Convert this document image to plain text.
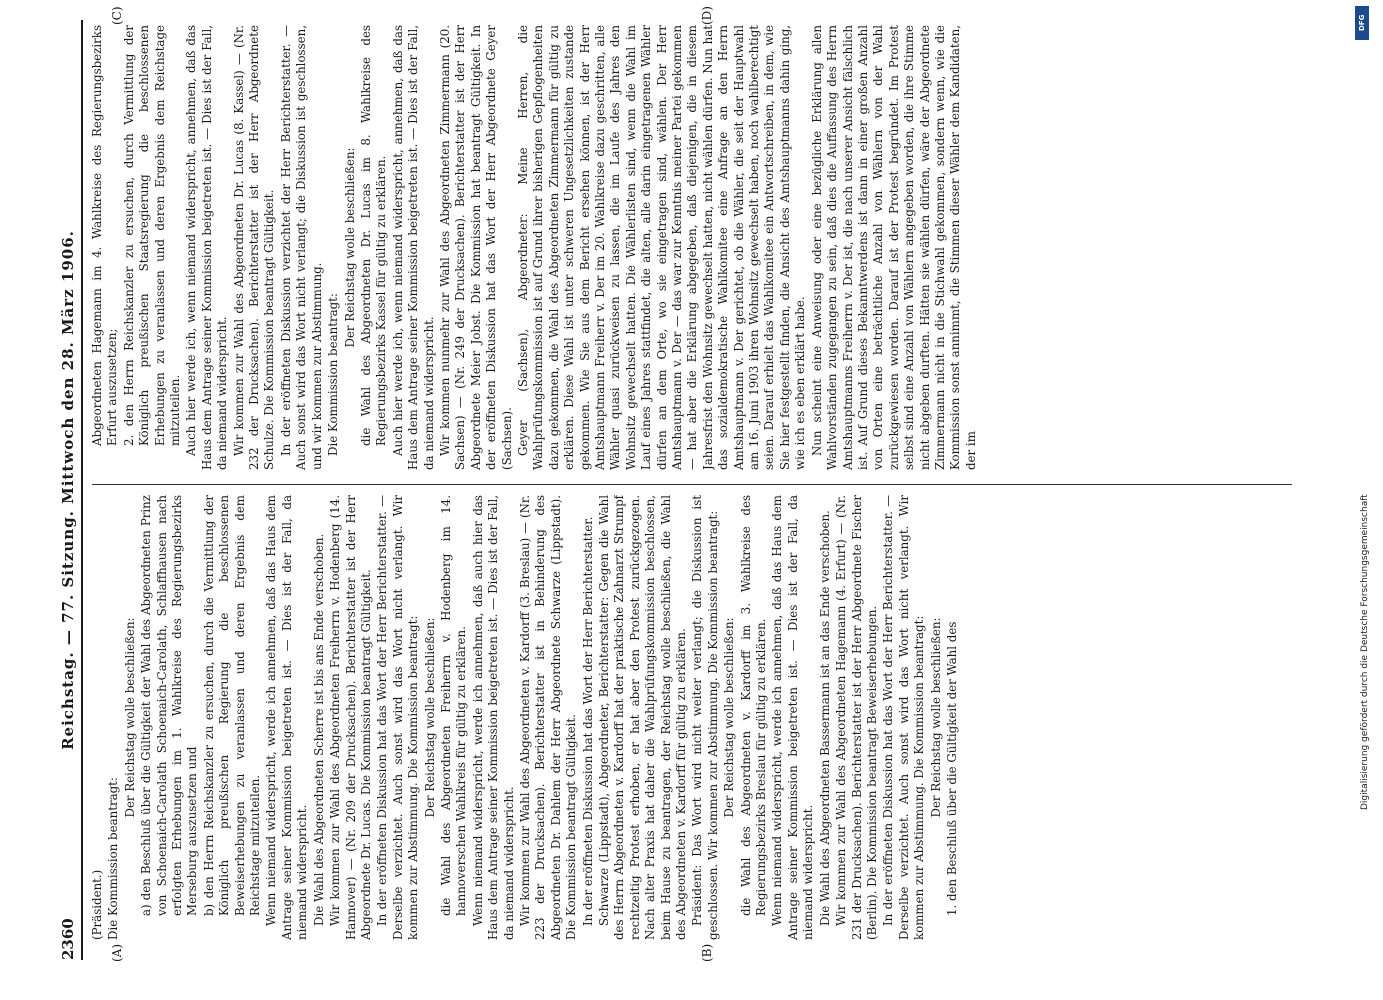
2360
Reichstag. — 77. Sitzung. Mittwoch den 28. März 1906.
(A)	(B)
(C)	(D)

(Präsident.) Die Kommission beantragt:

Der Reichstag wolle beschließen: a) den Beschluß über die Gültigkeit der Wahl des Abgeordneten Prinz von Schoenaich-Carolath Schoenaich-Carolath, Schlaffhausen nach erfolgten Erhebungen im 1. Wahlkreise des Regierungsbezirks Merseburg auszusetzen und b) den Herrn Reichskanzler zu ersuchen, durch die Vermittlung der Königlich preußischen Regierung die beschlossenen Beweiserhebungen zu veranlassen und deren Ergebnis dem Reichstage mitzuteilen. Wenn niemand widerspricht, werde ich annehmen, daß das Haus dem Antrage seiner Kommission beigetreten ist. — Dies ist der Fall, da niemand widerspricht. Die Wahl des Abgeordneten Scherre ist bis ans Ende verschoben. Wir kommen zur Wahl des Abgeordneten Freiherrn v. Hodenberg (14. Hannover) — (Nr. 209 der Drucksachen). Berichterstatter ist der Herr Abgeordnete Dr. Lucas. Die Kommission beantragt Gültigkeit. In der eröffneten Diskussion hat das Wort der Herr Berichterstatter. — Derselbe verzichtet. Auch sonst wird das Wort nicht verlangt. Wir kommen zur Abstimmung. Die Kommission beantragt: Der Reichstag wolle beschließen: die Wahl des Abgeordneten Freiherrn v. Hodenberg im 14. hannoverschen Wahlkreis für gültig zu erklären. Wenn niemand widerspricht, werde ich annehmen, daß auch hier das Haus dem Antrage seiner Kommission beigetreten ist. — Dies ist der Fall, da niemand widerspricht. Wir kommen zur Wahl des Abgeordneten v. Kardorff (3. Breslau) — (Nr. 223 der Drucksachen). Berichterstatter ist in Behinderung des Abgeordneten Dr. Dahlem der Herr Abgeordnete Schwarze (Lippstadt). Die Kommission beantragt Gültigkeit. In der eröffneten Diskussion hat das Wort der Herr Berichterstatter. Schwarze (Lippstadt), Abgeordneter, Berichterstatter: Gegen die Wahl des Herrn Abgeordneten v. Kardorff hat der praktische Zahnarzt Strumpf rechtzeitig Protest erhoben, er hat aber den Protest zurückgezogen. Nach alter Praxis hat daher die Wahlprüfungskommission beschlossen, beim Hause zu beantragen, der Reichstag wolle beschließen, die Wahl des Abgeordneten v. Kardorff für gültig zu erklären. Präsident: Das Wort wird nicht weiter verlangt; die Diskussion ist geschlossen. Wir kommen zur Abstimmung. Die Kommission beantragt: Der Reichstag wolle beschließen: die Wahl des Abgeordneten v. Kardorff im 3. Wahlkreise des Regierungsbezirks Breslau für gültig zu erklären. Wenn niemand widerspricht, werde ich annehmen, daß das Haus dem Antrage seiner Kommission beigetreten ist. — Dies ist der Fall, da niemand widerspricht. Die Wahl des Abgeordneten Bassermann ist an das Ende verschoben. Wir kommen zur Wahl des Abgeordneten Hagemann (4. Erfurt) — (Nr. 231 der Drucksachen). Berichterstatter ist der Herr Abgeordnete Fischer (Berlin). Die Kommission beantragt Beweiserhebungen. In der eröffneten Diskussion hat das Wort der Herr Berichterstatter. — Derselbe verzichtet. Auch sonst wird das Wort nicht verlangt. Wir kommen zur Abstimmung. Die Kommission beantragt: Der Reichstag wolle beschließen: 1. den Beschluß über die Gültigkeit der Wahl des

Abgeordneten Hagemann im 4. Wahlkreise des Regierungsbezirks Erfurt auszusetzen; 2. den Herrn Reichskanzler zu ersuchen, durch Vermittlung der Königlich preußischen Staatsregierung die beschlossenen Erhebungen zu veranlassen und deren Ergebnis dem Reichstage mitzuteilen. Auch hier werde ich, wenn niemand widerspricht, annehmen, daß das Haus dem Antrage seiner Kommission beigetreten ist. — Dies ist der Fall, da niemand widerspricht. Wir kommen zur Wahl des Abgeordneten Dr. Lucas (8. Kassel) — (Nr. 232 der Drucksachen). Berichterstatter ist der Herr Abgeordnete Schulze. Die Kommission beantragt Gültigkeit. In der eröffneten Diskussion verzichtet der Herr Berichterstatter. — Auch sonst wird das Wort nicht verlangt; die Diskussion ist geschlossen, und wir kommen zur Abstimmung. Die Kommission beantragt:

Der Reichstag wolle beschließen: die Wahl des Abgeordneten Dr. Lucas im 8. Wahlkreise des Regierungsbezirks Kassel für gültig zu erklären. Auch hier werde ich, wenn niemand widerspricht, annehmen, daß das Haus dem Antrage seiner Kommission beigetreten ist. — Dies ist der Fall, da niemand widerspricht. Wir kommen nunmehr zur Wahl des Abgeordneten Zimmermann (20. Sachsen) — (Nr. 249 der Drucksachen). Berichterstatter ist der Herr Abgeordnete Meier Jobst. Die Kommission hat beantragt Gültigkeit. In der eröffneten Diskussion hat das Wort der Herr Abgeordnete Geyer (Sachsen). Geyer (Sachsen), Abgeordneter: Meine Herren, die Wahlprüfungskommission ist auf Grund ihrer bisherigen Gepflogenheiten dazu gekommen, die Wahl des Abgeordneten Zimmermann für gültig zu erklären. Diese Wahl ist unter schweren Ungesetzlichkeiten zustande gekommen. Wie Sie aus dem Bericht ersehen können, ist der Herr Amtshauptmann Freiherr v. Der im 20. Wahlkreise dazu geschritten, alle Wähler quasi zurückweisen zu lassen, die im Laufe des Jahres den Wohnsitz gewechselt hatten. Die Wählerlisten sind, wenn die Wahl im Lauf eines Jahres stattfindet, die alten, alle darin eingetragenen Wähler dürfen an dem Orte, wo sie eingetragen sind, wählen. Der Herr Amtshauptmann v. Der — das war zur Kenntnis meiner Partei gekommen — hat aber die Erklärung abgegeben, daß diejenigen, die in diesem Jahresfrist den Wohnsitz gewechselt hatten, nicht wählen dürfen. Nun hat das sozialdemokratische Wahlkomitee eine Anfrage an den Herrn Amtshauptmann v. Der gerichtet, ob die Wähler, die seit der Hauptwahl am 16. Juni 1903 ihren Wohnsitz gewechselt haben, noch wahlberechtigt seien. Darauf erhielt das Wahlkomitee ein Antwortschreiben, in dem, wie Sie hier festgestellt finden, die Ansicht des Amtshauptmanns dahin ging, wie ich es eben erklärt habe. Nun scheint eine Anweisung oder eine bezügliche Erklärung allen Wahlvorständen zugegangen zu sein, daß dies die Auffassung des Herrn Amtshauptmanns Freiherrn v. Der ist, die nach unserer Ansicht fälschlich ist. Auf Grund dieses Bekanntwerdens ist dann in einer großen Anzahl von Orten eine beträchtliche Anzahl von Wählern von der Wahl zurückgewiesen worden. Darauf ist der Protest begründet. Im Protest selbst sind eine Anzahl von Wählern angegeben worden, die ihre Stimme nicht abgeben durften. Hätten sie wählen dürfen, wäre der Abgeordnete Zimmermann nicht in die Stichwahl gekommen, sondern wenn, wie die Kommission sonst annimmt, die Stimmen dieser Wähler dem Kandidaten, der im

DFG
Digitalisierung gefördert durch die Deutsche Forschungsgemeinschaft
